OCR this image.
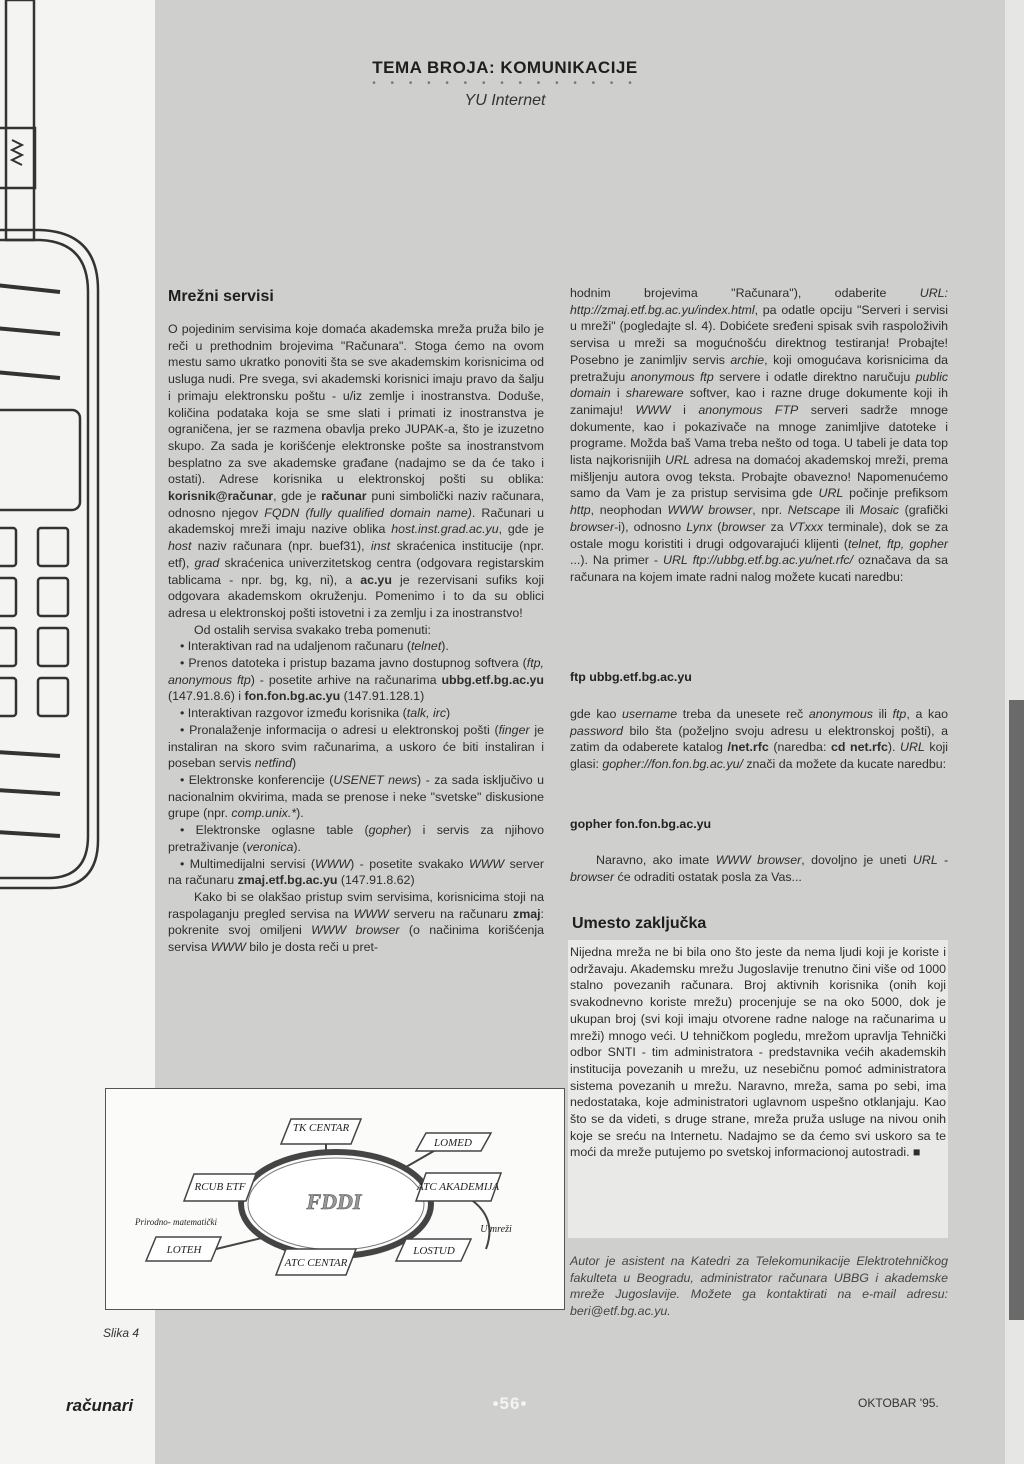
TEMA BROJA: KOMUNIKACIJE
• • • • • • • • • • • • • • •
YU Internet
Mrežni servisi

O pojedinim servisima koje domaća akademska mreža pruža bilo je reči u prethodnim brojevima "Računara". Stoga ćemo na ovom mestu samo ukratko ponoviti šta se sve akademskim korisnicima od usluga nudi. Pre svega, svi akademski korisnici imaju pravo da šalju i primaju elektronsku poštu - u/iz zemlje i inostranstva. Doduše, količina podataka koja se sme slati i primati iz inostranstva je ograničena, jer se razmena obavlja preko JUPAK-a, što je izuzetno skupo. Za sada je korišćenje elektronske pošte sa inostranstvom besplatno za sve akademske građane (nadajmo se da će tako i ostati). Adrese korisnika u elektronskoj pošti su oblika: korisnik@računar, gde je računar puni simbolički naziv računara, odnosno njegov FQDN (fully qualified domain name). Računari u akademskoj mreži imaju nazive oblika host.inst.grad.ac.yu, gde je host naziv računara (npr. buef31), inst skraćenica institucije (npr. etf), grad skraćenica univerzitetskog centra (odgovara registarskim tablicama - npr. bg, kg, ni), a ac.yu je rezervisani sufiks koji odgovara akademskom okruženju. Pomenimo i to da su oblici adresa u elektronskoj pošti istovetni i za zemlju i za inostranstvo!

Od ostalih servisa svakako treba pomenuti:

• Interaktivan rad na udaljenom računaru (telnet).

• Prenos datoteka i pristup bazama javno dostupnog softvera (ftp, anonymous ftp) - posetite arhive na računarima ubbg.etf.bg.ac.yu (147.91.8.6) i fon.fon.bg.ac.yu (147.91.128.1)

• Interaktivan razgovor između korisnika (talk, irc)

• Pronalaženje informacija o adresi u elektronskoj pošti (finger je instaliran na skoro svim računarima, a uskoro će biti instaliran i poseban servis netfind)

• Elektronske konferencije (USENET news) - za sada isključivo u nacionalnim okvirima, mada se prenose i neke "svetske" diskusione grupe (npr. comp.unix.*).

• Elektronske oglasne table (gopher) i servis za njihovo pretraživanje (veronica).

• Multimedijalni servisi (WWW) - posetite svakako WWW server na računaru zmaj.etf.bg.ac.yu (147.91.8.62)

Kako bi se olakšao pristup svim servisima, korisnicima stoji na raspolaganju pregled servisa na WWW serveru na računaru zmaj: pokrenite svoj omiljeni WWW browser (o načinima korišćenja servisa WWW bilo je dosta reči u pret-

hodnim brojevima "Računara"), odaberite URL: http://zmaj.etf.bg.ac.yu/index.html, pa odatle opciju "Serveri i servisi u mreži" (pogledajte sl. 4). Dobićete sređeni spisak svih raspoloživih servisa u mreži sa mogućnošću direktnog testiranja! Probajte! Posebno je zanimljiv servis archie, koji omogućava korisnicima da pretražuju anonymous ftp servere i odatle direktno naručuju public domain i shareware softver, kao i razne druge dokumente koji ih zanimaju! WWW i anonymous FTP serveri sadrže mnoge dokumente, kao i pokazivače na mnoge zanimljive datoteke i programe. Možda baš Vama treba nešto od toga. U tabeli je data top lista najkorisnijih URL adresa na domaćoj akademskoj mreži, prema mišljenju autora ovog teksta. Probajte obavezno! Napomenućemo samo da Vam je za pristup servisima gde URL počinje prefiksom http, neophodan WWW browser, npr. Netscape ili Mosaic (grafički browser-i), odnosno Lynx (browser za VTxxx terminale), dok se za ostale mogu koristiti i drugi odgovarajući klijenti (telnet, ftp, gopher ...). Na primer - URL ftp://ubbg.etf.bg.ac.yu/net.rfc/ označava da sa računara na kojem imate radni nalog možete kucati naredbu:

ftp ubbg.etf.bg.ac.yu

gde kao username treba da unesete reč anonymous ili ftp, a kao password bilo šta (poželjno svoju adresu u elektronskoj pošti), a zatim da odaberete katalog /net.rfc (naredba: cd net.rfc). URL koji glasi: gopher://fon.fon.bg.ac.yu/ znači da možete da kucate naredbu:

gopher fon.fon.bg.ac.yu

Naravno, ako imate WWW browser, dovoljno je uneti URL - browser će odraditi ostatak posla za Vas...

Umesto zaključka

Nijedna mreža ne bi bila ono što jeste da nema ljudi koji je koriste i održavaju. Akademsku mrežu Jugoslavije trenutno čini više od 1000 stalno povezanih računara. Broj aktivnih korisnika (onih koji svakodnevno koriste mrežu) procenjuje se na oko 5000, dok je ukupan broj (svi koji imaju otvorene radne naloge na računarima u mreži) mnogo veći. U tehničkom pogledu, mrežom upravlja Tehnički odbor SNTI - tim administratora - predstavnika većih akademskih institucija povezanih u mrežu, uz nesebičnu pomoć administratora sistema povezanih u mrežu. Naravno, mreža, sama po sebi, ima nedostataka, koje administratori uglavnom uspešno otklanjaju. Kao što se da videti, s druge strane, mreža pruža usluge na nivou onih koje se sreću na Internetu. Nadajmo se da ćemo svi uskoro sa te moći da mreže putujemo po svetskoj informacionoj autostradi. ■

Autor je asistent na Katedri za Telekomunikacije Elektrotehničkog fakulteta u Beogradu, administrator računara UBBG i akademske mreže Jugoslavije. Možete ga kontaktirati na e-mail adresu: beri@etf.bg.ac.yu.
TK CENTAR
LOMED
RCUB ETF	ATC AKADEMIJA
Prirodno- matematički
U mreži
LOTEH
ATC CENTAR
LOSTUD
FDDI
Slika 4
računari	•56•	OKTOBAR '95.
